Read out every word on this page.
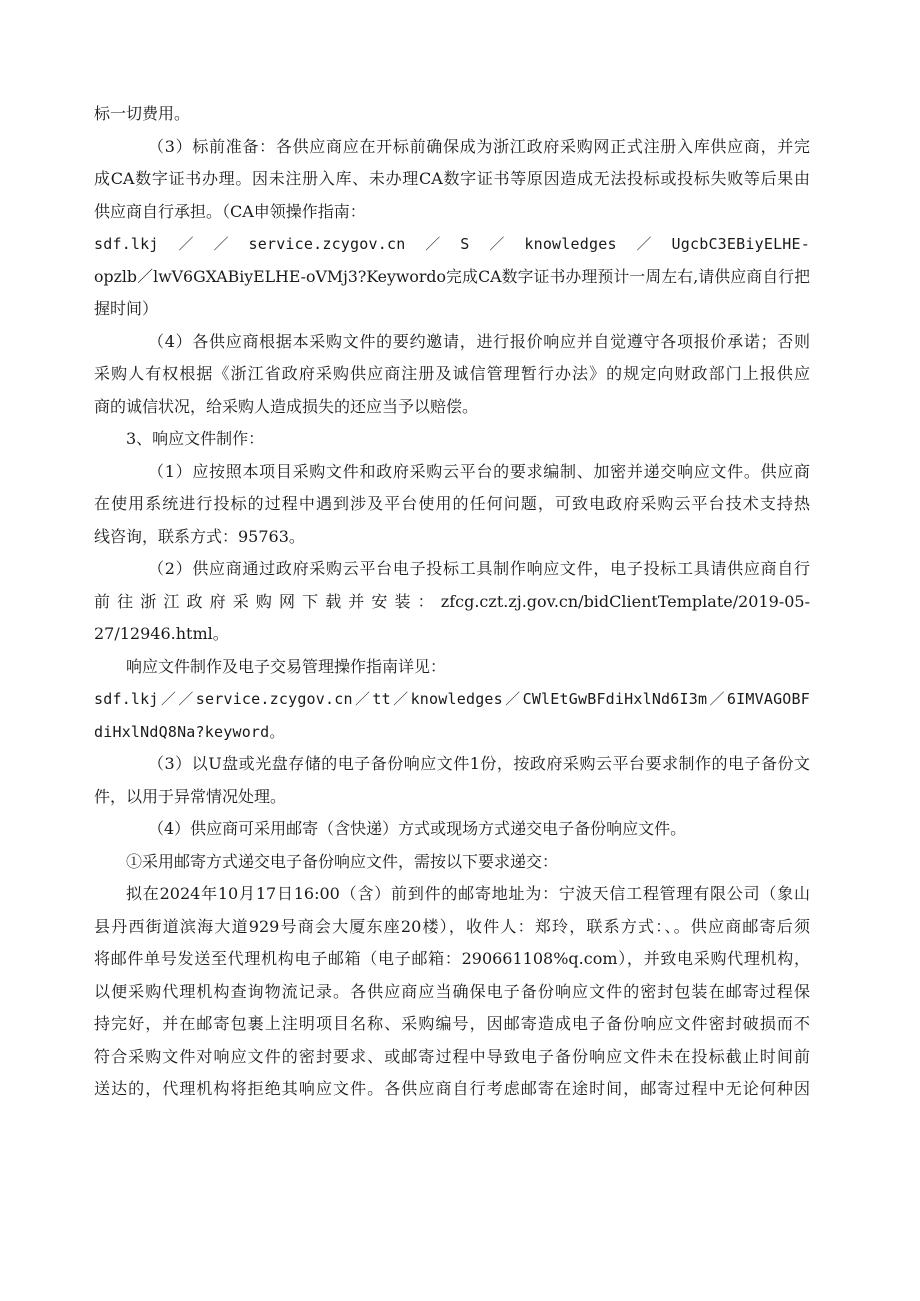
标一切费用。
（3）标前准备：各供应商应在开标前确保成为浙江政府采购网正式注册入库供应商，并完
成CA数字证书办理。因未注册入库、未办理CA数字证书等原因造成无法投标或投标失败等后果由
供应商自行承担。（CA申领操作指南：
sdf.lkj／／service.zcygov.cn／S／knowledges／UgcbC3EBiyELHE-
opzlb／lwV6GXABiyELHE-oVMj3?Keywordo完成CA数字证书办理预计一周左右,请供应商自行把
握时间）
（4）各供应商根据本采购文件的要约邀请，进行报价响应并自觉遵守各项报价承诺；否则
采购人有权根据《浙江省政府采购供应商注册及诚信管理暂行办法》的规定向财政部门上报供应
商的诚信状况，给采购人造成损失的还应当予以赔偿。
3、响应文件制作：
（1）应按照本项目采购文件和政府采购云平台的要求编制、加密并递交响应文件。供应商
在使用系统进行投标的过程中遇到涉及平台使用的任何问题，可致电政府采购云平台技术支持热
线咨询，联系方式：95763。
（2）供应商通过政府采购云平台电子投标工具制作响应文件，电子投标工具请供应商自行
前往浙江政府采购网下载并安装：zfcg.czt.zj.gov.cn/bidClientTemplate/2019-05-
27/12946.html。
响应文件制作及电子交易管理操作指南详见：
sdf.lkj／／service.zcygov.cn／tt／knowledges／CWlEtGwBFdiHxlNd6I3m／6IMVAGOBF
diHxlNdQ8Na?keyword。
（3）以U盘或光盘存储的电子备份响应文件1份，按政府采购云平台要求制作的电子备份文
件，以用于异常情况处理。
（4）供应商可采用邮寄（含快递）方式或现场方式递交电子备份响应文件。
①采用邮寄方式递交电子备份响应文件，需按以下要求递交：
拟在2024年10月17日16:00（含）前到件的邮寄地址为：宁波天信工程管理有限公司（象山
县丹西街道滨海大道929号商会大厦东座20楼），收件人：郑玲，联系方式：、。供应商邮寄后须
将邮件单号发送至代理机构电子邮箱（电子邮箱：290661108%q.com），并致电采购代理机构，
以便采购代理机构查询物流记录。各供应商应当确保电子备份响应文件的密封包装在邮寄过程保
持完好，并在邮寄包裹上注明项目名称、采购编号，因邮寄造成电子备份响应文件密封破损而不
符合采购文件对响应文件的密封要求、或邮寄过程中导致电子备份响应文件未在投标截止时间前
送达的，代理机构将拒绝其响应文件。各供应商自行考虑邮寄在途时间，邮寄过程中无论何种因
